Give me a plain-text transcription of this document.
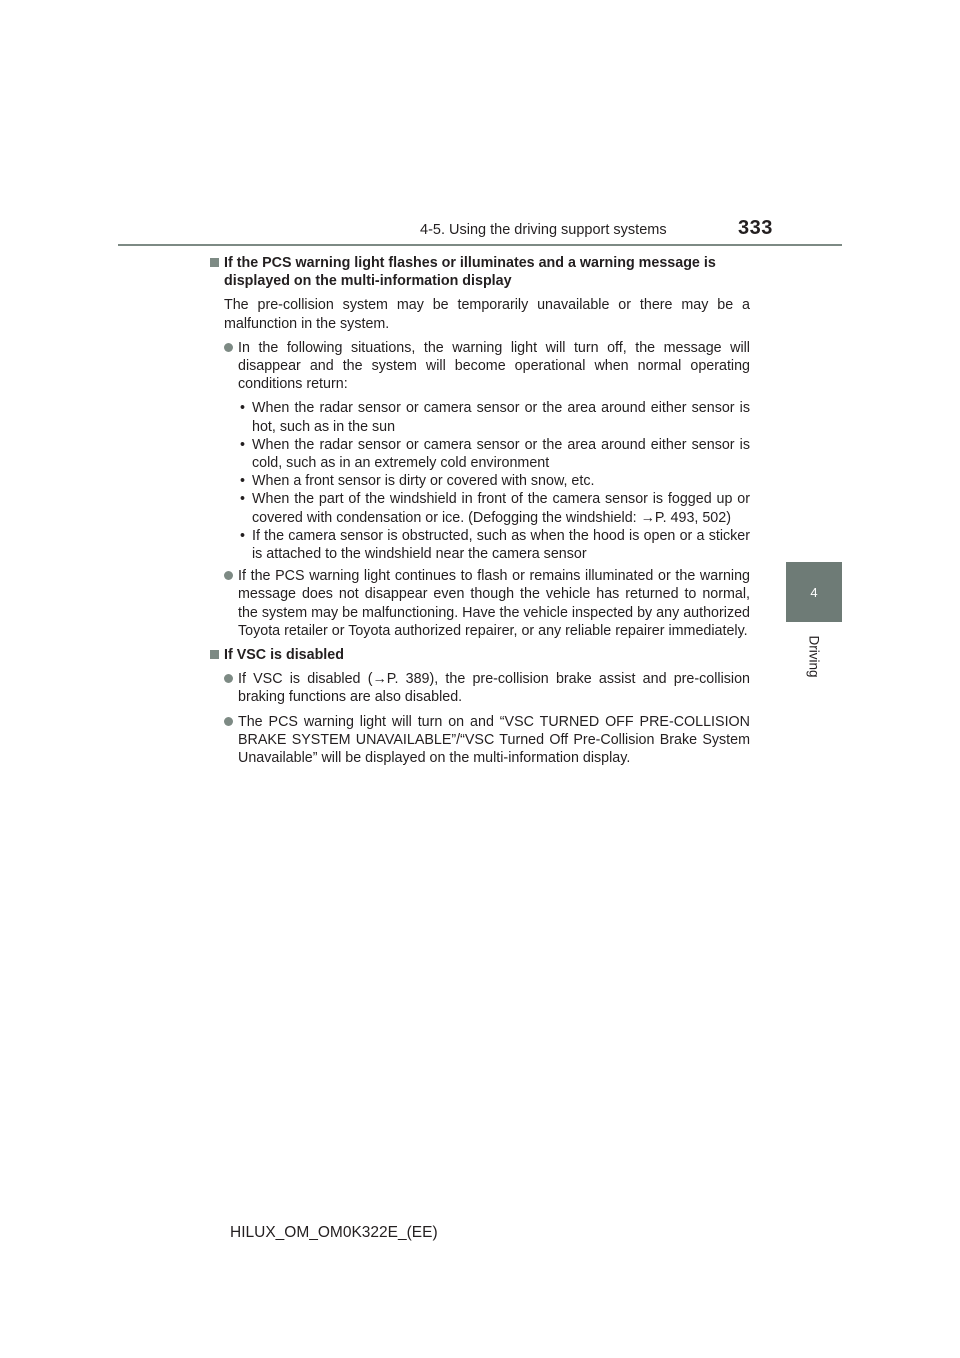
4-5. Using the driving support systems	333
4
Driving
If the PCS warning light flashes or illuminates and a warning message is displayed on the multi-information display
The pre-collision system may be temporarily unavailable or there may be a malfunction in the system.
In the following situations, the warning light will turn off, the message will disappear and the system will become operational when normal operating conditions return:
• When the radar sensor or camera sensor or the area around either sensor is hot, such as in the sun
• When the radar sensor or camera sensor or the area around either sensor is cold, such as in an extremely cold environment
• When a front sensor is dirty or covered with snow, etc.
• When the part of the windshield in front of the camera sensor is fogged up or covered with condensation or ice. (Defogging the windshield: →P. 493, 502)
• If the camera sensor is obstructed, such as when the hood is open or a sticker is attached to the windshield near the camera sensor
If the PCS warning light continues to flash or remains illuminated or the warning message does not disappear even though the vehicle has returned to normal, the system may be malfunctioning. Have the vehicle inspected by any authorized Toyota retailer or Toyota authorized repairer, or any reliable repairer immediately.
If VSC is disabled
If VSC is disabled (→P. 389), the pre-collision brake assist and pre-collision braking functions are also disabled.
The PCS warning light will turn on and “VSC TURNED OFF PRE-COLLISION BRAKE SYSTEM UNAVAILABLE”/“VSC Turned Off Pre-Collision Brake System Unavailable” will be displayed on the multi-information display.
HILUX_OM_OM0K322E_(EE)
